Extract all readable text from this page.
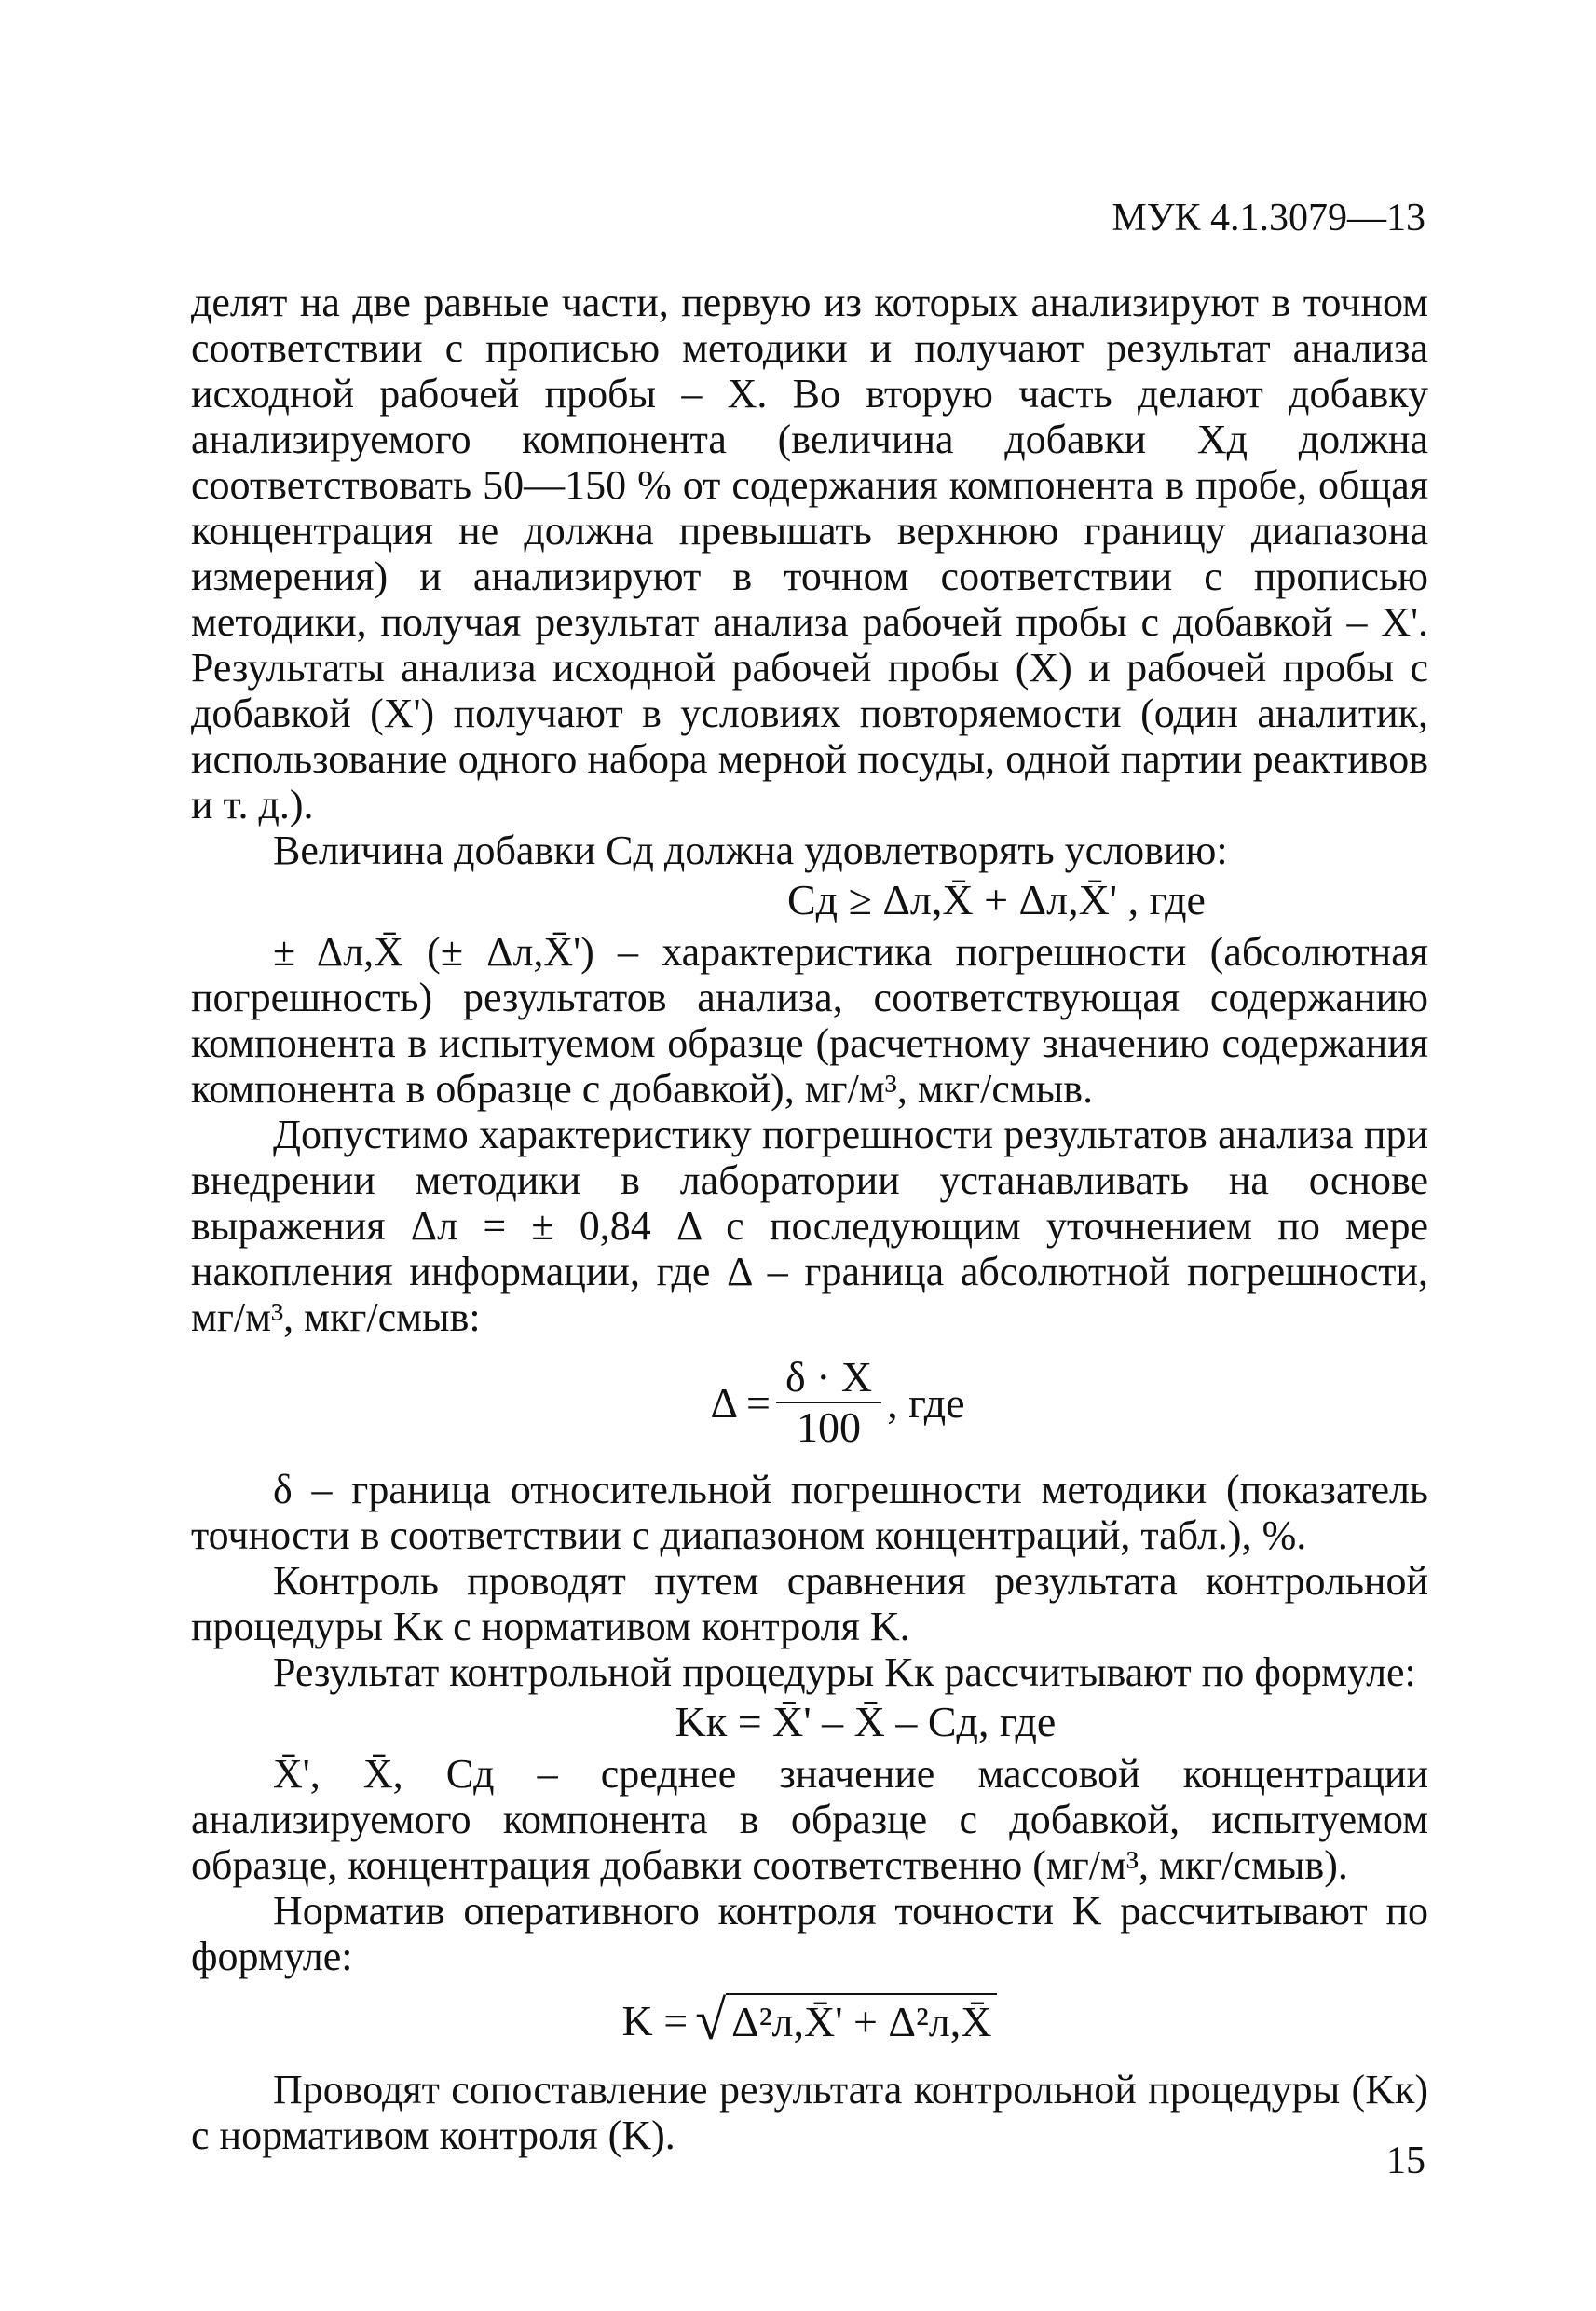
МУК 4.1.3079—13

делят на две равные части, первую из которых анализируют в точном соответствии с прописью методики и получают результат анализа исходной рабочей пробы – X. Во вторую часть делают добавку анализируемого компонента (величина добавки Xд должна соответствовать 50—150 % от содержания компонента в пробе, общая концентрация не должна превышать верхнюю границу диапазона измерения) и анализируют в точном соответствии с прописью методики, получая результат анализа рабочей пробы с добавкой – X'. Результаты анализа исходной рабочей пробы (X) и рабочей пробы с добавкой (X') получают в условиях повторяемости (один аналитик, использование одного набора мерной посуды, одной партии реактивов и т. д.).

Величина добавки Cд должна удовлетворять условию:

Cд ≥ Δл,X̄ + Δл,X̄' , где

± Δл,X̄ (± Δл,X̄') – характеристика погрешности (абсолютная погрешность) результатов анализа, соответствующая содержанию компонента в испытуемом образце (расчетному значению содержания компонента в образце с добавкой), мг/м³, мкг/смыв.

Допустимо характеристику погрешности результатов анализа при внедрении методики в лаборатории устанавливать на основе выражения Δл = ± 0,84 Δ с последующим уточнением по мере накопления информации, где Δ – граница абсолютной погрешности, мг/м³, мкг/смыв:

$\Delta = \frac{\delta \cdot X}{100}$ , где

δ – граница относительной погрешности методики (показатель точности в соответствии с диапазоном концентраций, табл.), %.

Контроль проводят путем сравнения результата контрольной процедуры Kк с нормативом контроля K.

Результат контрольной процедуры Kк рассчитывают по формуле:

Kк = X̄' – X̄ – Cд, где

X̄', X̄, Cд – среднее значение массовой концентрации анализируемого компонента в образце с добавкой, испытуемом образце, концентрация добавки соответственно (мг/м³, мкг/смыв).

Норматив оперативного контроля точности K рассчитывают по формуле:

K = √ Δ²л,X̄' + Δ²л,X̄

Проводят сопоставление результата контрольной процедуры (Kк) с нормативом контроля (K).

15
